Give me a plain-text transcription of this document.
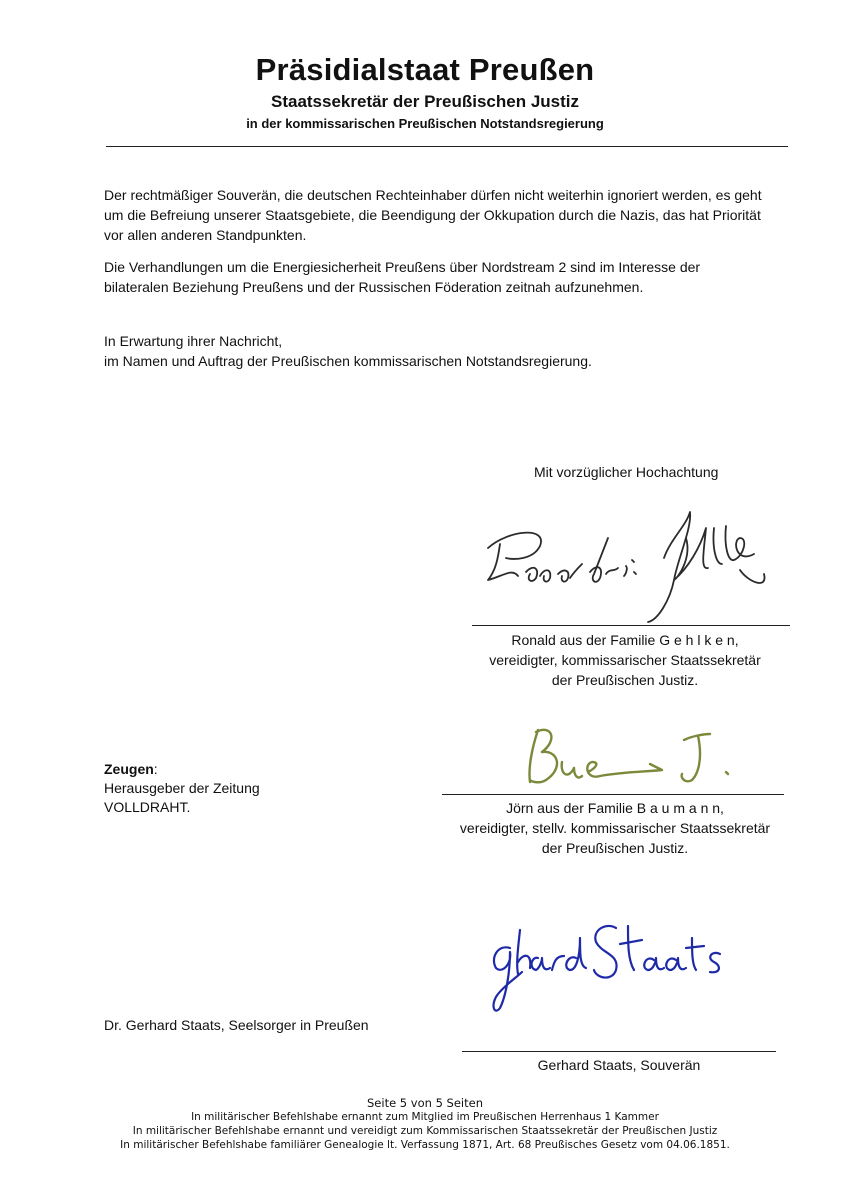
Präsidialstaat Preußen
Staatssekretär der Preußischen Justiz
in der kommissarischen Preußischen Notstandsregierung
Der rechtmäßiger Souverän, die deutschen Rechteinhaber dürfen nicht weiterhin ignoriert werden, es geht um die Befreiung unserer Staatsgebiete, die Beendigung der Okkupation durch die Nazis, das hat Priorität vor allen anderen Standpunkten.
Die Verhandlungen um die Energiesicherheit Preußens über Nordstream 2 sind im Interesse der bilateralen Beziehung Preußens und der Russischen Föderation zeitnah aufzunehmen.
In Erwartung ihrer Nachricht,
im Namen und Auftrag der Preußischen kommissarischen Notstandsregierung.
Mit vorzüglicher Hochachtung
Ronald aus der Familie G e h l k e n,
vereidigter, kommissarischer Staatssekretär
der Preußischen Justiz.
Zeugen:
Herausgeber der Zeitung
VOLLDRAHT.	Jörn aus der Familie B a u m a n n,
vereidigter, stellv. kommissarischer Staatssekretär
der Preußischen Justiz.
Dr. Gerhard Staats, Seelsorger in Preußen
Gerhard Staats, Souverän
Seite 5 von 5 Seiten
In militärischer Befehlshabe ernannt zum Mitglied im Preußischen Herrenhaus 1 Kammer
In militärischer Befehlshabe ernannt und vereidigt zum Kommissarischen Staatssekretär der Preußischen Justiz
In militärischer Befehlshabe familiärer Genealogie lt. Verfassung 1871, Art. 68 Preußisches Gesetz vom 04.06.1851.
